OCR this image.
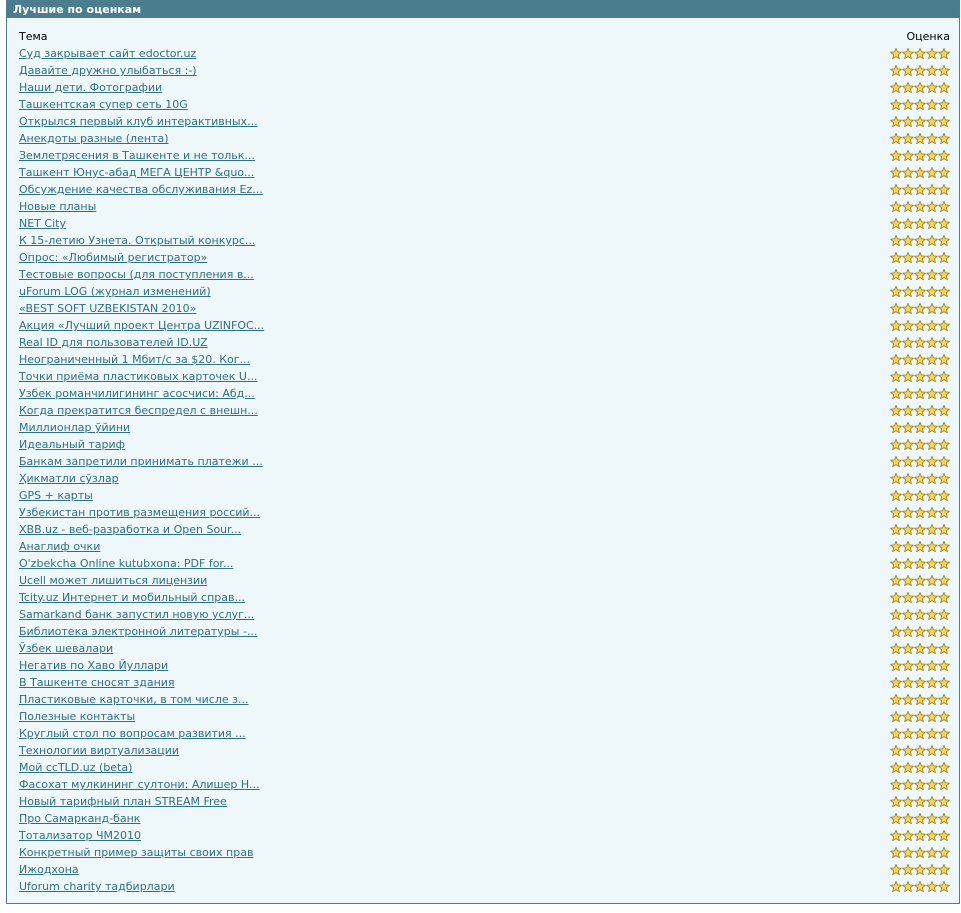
Лучшие по оценкам
Тема	Оценка
Суд закрывает сайт edoctor.uz
Давайте дружно улыбаться :-)
Наши дети. Фотографии
Ташкентская супер сеть 10G
Открылся первый клуб интерактивных...
Анекдоты разные (лента)
Землетрясения в Ташкенте и не тольк...
Ташкент Юнус-абад МЕГА ЦЕНТР &quo...
Обсуждение качества обслуживания Ez...
Новые планы
NET City
К 15-летию Узнета. Открытый конкурс...
Опрос: «Любимый регистратор»
Тестовые вопросы (для поступления в...
uForum LOG (журнал изменений)
«BEST SOFT UZBEKISTAN 2010»
Акция «Лучший проект Центра UZINFOC...
Real ID для пользователей ID.UZ
Неограниченный 1 Мбит/с за $20. Ког...
Точки приёма пластиковых карточек U...
Узбек романчилигининг асосчиси: Абд...
Когда прекратится беспредел с внешн...
Миллионлар ўйини
Идеальный тариф
Банкам запретили принимать платежи ...
Ҳикматли сўзлар
GPS + карты
Узбекистан против размещения россий...
XBB.uz - веб-разработка и Open Sour...
Анаглиф очки
O'zbekcha Online kutubxona: PDF for...
Ucell может лишиться лицензии
Tcity.uz Интернет и мобильный справ...
Samarkand банк запустил новую услуг...
Библиотека электронной литературы -...
Ўзбек шевалари
Негатив по Хаво Йуллари
В Ташкенте сносят здания
Пластиковые карточки, в том числе з...
Полезные контакты
Круглый стол по вопросам развития ...
Технологии виртуализации
Мой ccTLD.uz (beta)
Фасохат мулкининг султони: Алишер Н...
Новый тарифный план STREAM Free
Про Самарканд-банк
Тотализатор ЧМ2010
Конкретный пример защиты своих прав
Ижодхона
Uforum charity тадбирлари
